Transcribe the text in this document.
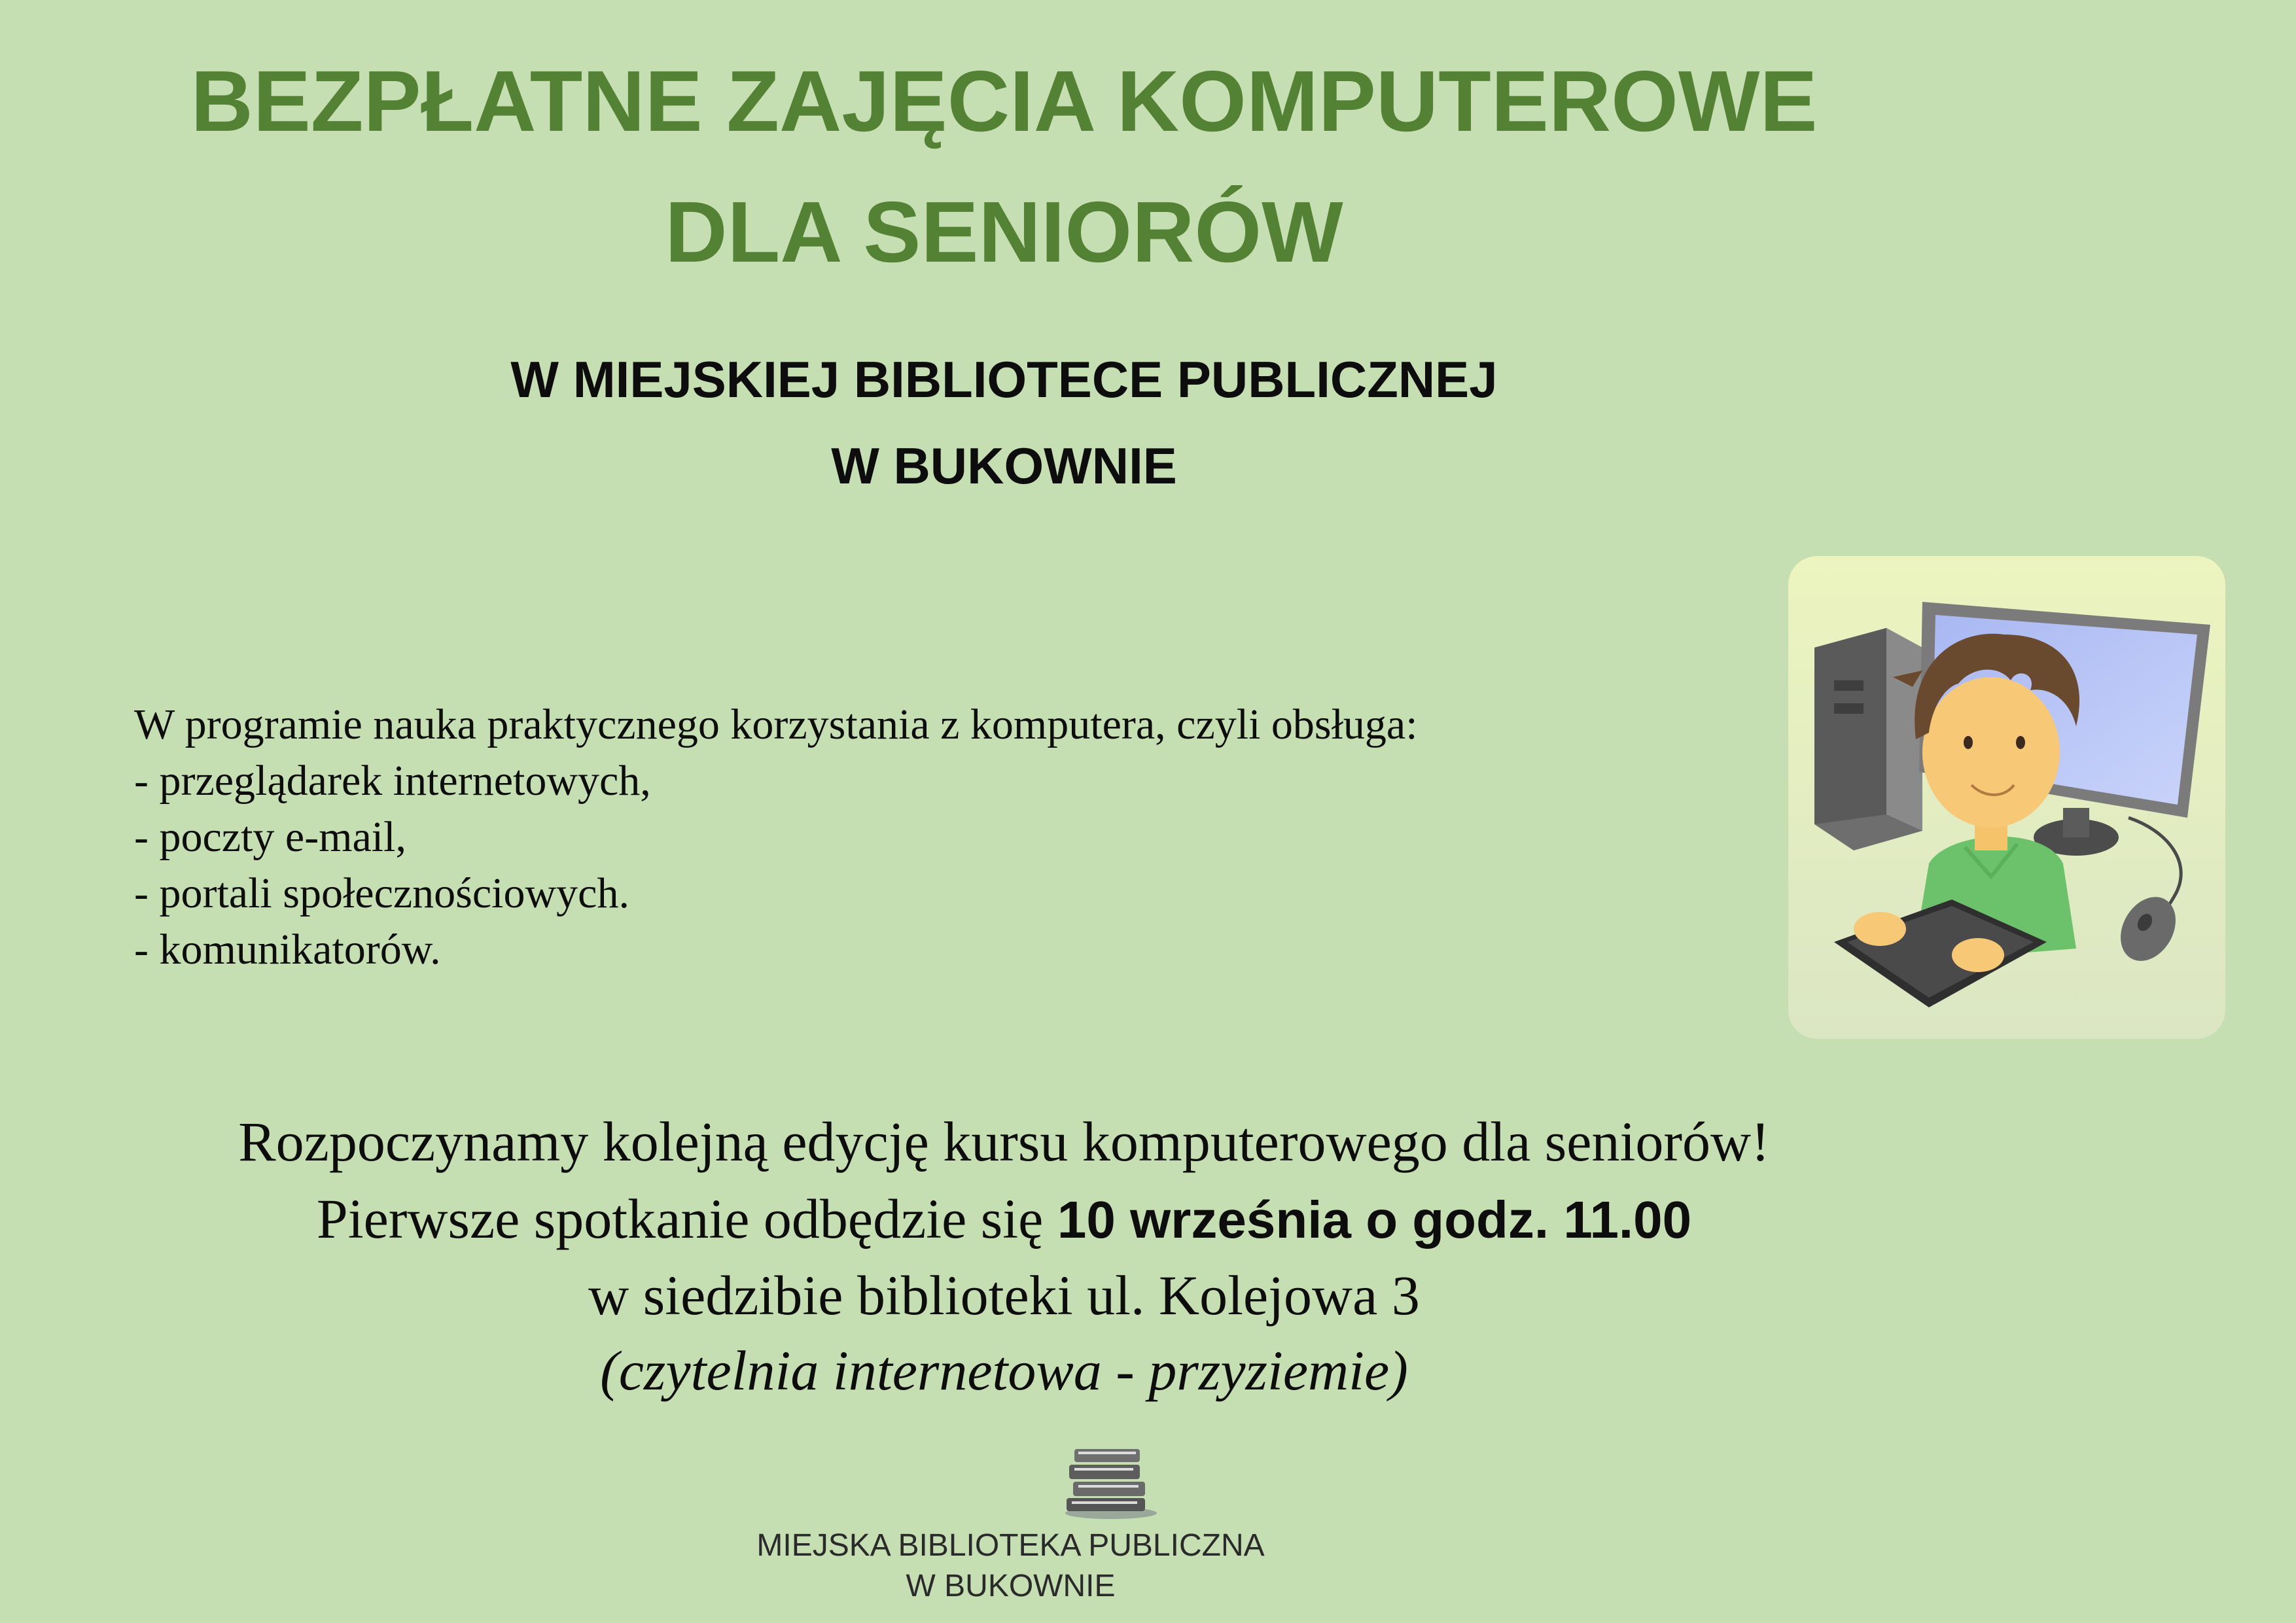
BEZPŁATNE ZAJĘCIA KOMPUTEROWE
DLA SENIORÓW
W MIEJSKIEJ BIBLIOTECE PUBLICZNEJ
W BUKOWNIE
W programie nauka praktycznego korzystania z komputera, czyli obsługa:
- przeglądarek internetowych,
- poczty e-mail,
- portali społecznościowych.
- komunikatorów.
Rozpoczynamy kolejną edycję kursu komputerowego dla seniorów!
Pierwsze spotkanie odbędzie się 10 września o godz. 11.00
w siedzibie biblioteki ul. Kolejowa 3
(czytelnia internetowa - przyziemie)
MIEJSKA BIBLIOTEKA PUBLICZNA
W BUKOWNIE
